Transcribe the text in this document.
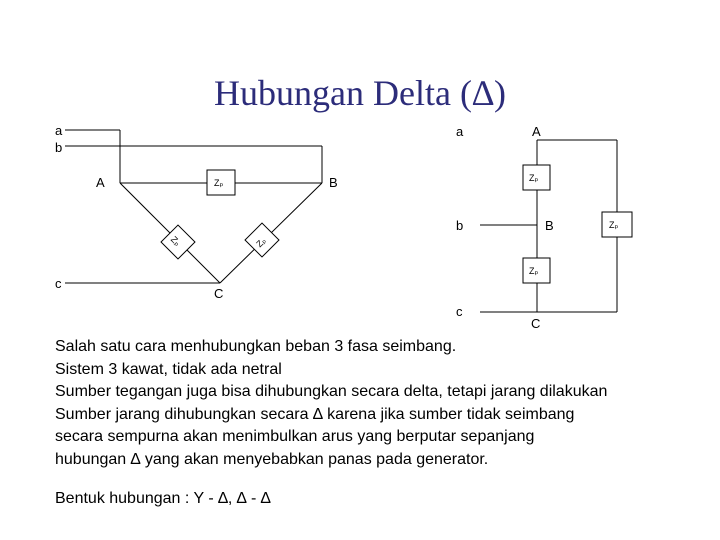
Hubungan Delta (∆)
Zₚ
Zₚ	Zₚ
a
b
c
A	B
C
Zₚ
Zₚ
Zₚ
a
b
c
A
B
C
Salah satu cara menhubungkan beban 3 fasa seimbang.
Sistem 3 kawat, tidak ada netral
Sumber tegangan juga bisa dihubungkan secara delta, tetapi jarang dilakukan
Sumber jarang dihubungkan secara ∆ karena jika sumber tidak seimbang
secara sempurna akan menimbulkan arus yang berputar sepanjang
hubungan ∆ yang akan menyebabkan panas pada generator.
Bentuk hubungan : Y - ∆, ∆ - ∆
